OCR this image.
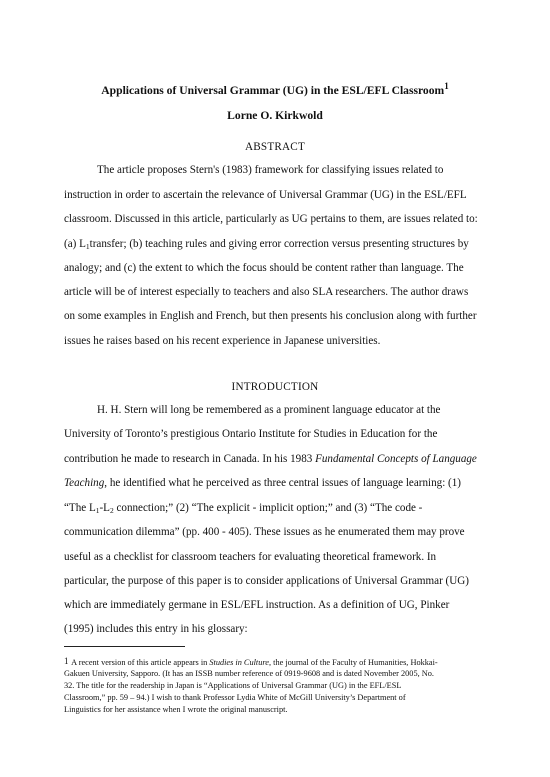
Applications of Universal Grammar (UG) in the ESL/EFL Classroom$^1$
Lorne O. Kirkwold
ABSTRACT
The article proposes Stern's (1983) framework for classifying issues related to
instruction in order to ascertain the relevance of Universal Grammar (UG) in the ESL/EFL
classroom. Discussed in this article, particularly as UG pertains to them, are issues related to:
(a) $L_1transfer$; (b) teaching rules and giving error correction versus presenting structures by
analogy; and (c) the extent to which the focus should be content rather than language. The
article will be of interest especially to teachers and also SLA researchers. The author draws
on some examples in English and French, but then presents his conclusion along with further
issues he raises based on his recent experience in Japanese universities.
INTRODUCTION
H. H. Stern will long be remembered as a prominent language educator at the
University of Toronto’s prestigious Ontario Institute for Studies in Education for the
contribution he made to research in Canada. In his 1983 Fundamental Concepts of Language
Teaching, he identified what he perceived as three central issues of language learning: (1)
“The $L_1-L_2$ connection;” (2) “The explicit - implicit option;” and (3) “The code -
communication dilemma” (pp. 400 - 405). These issues as he enumerated them may prove
useful as a checklist for classroom teachers for evaluating theoretical framework. In
particular, the purpose of this paper is to consider applications of Universal Grammar (UG)
which are immediately germane in ESL/EFL instruction. As a definition of UG, Pinker
(1995) includes this entry in his glossary:
$^1$ A recent version of this article appears in Studies in Culture, the journal of the Faculty of Humanities, Hokkai-
Gakuen University, Sapporo. (It has an ISSB number reference of 0919-9608 and is dated November 2005, No.
32. The title for the readership in Japan is “Applications of Universal Grammar (UG) in the EFL/ESL
Classroom,” pp. 59 – 94.) I wish to thank Professor Lydia White of McGill University’s Department of
Linguistics for her assistance when I wrote the original manuscript.
